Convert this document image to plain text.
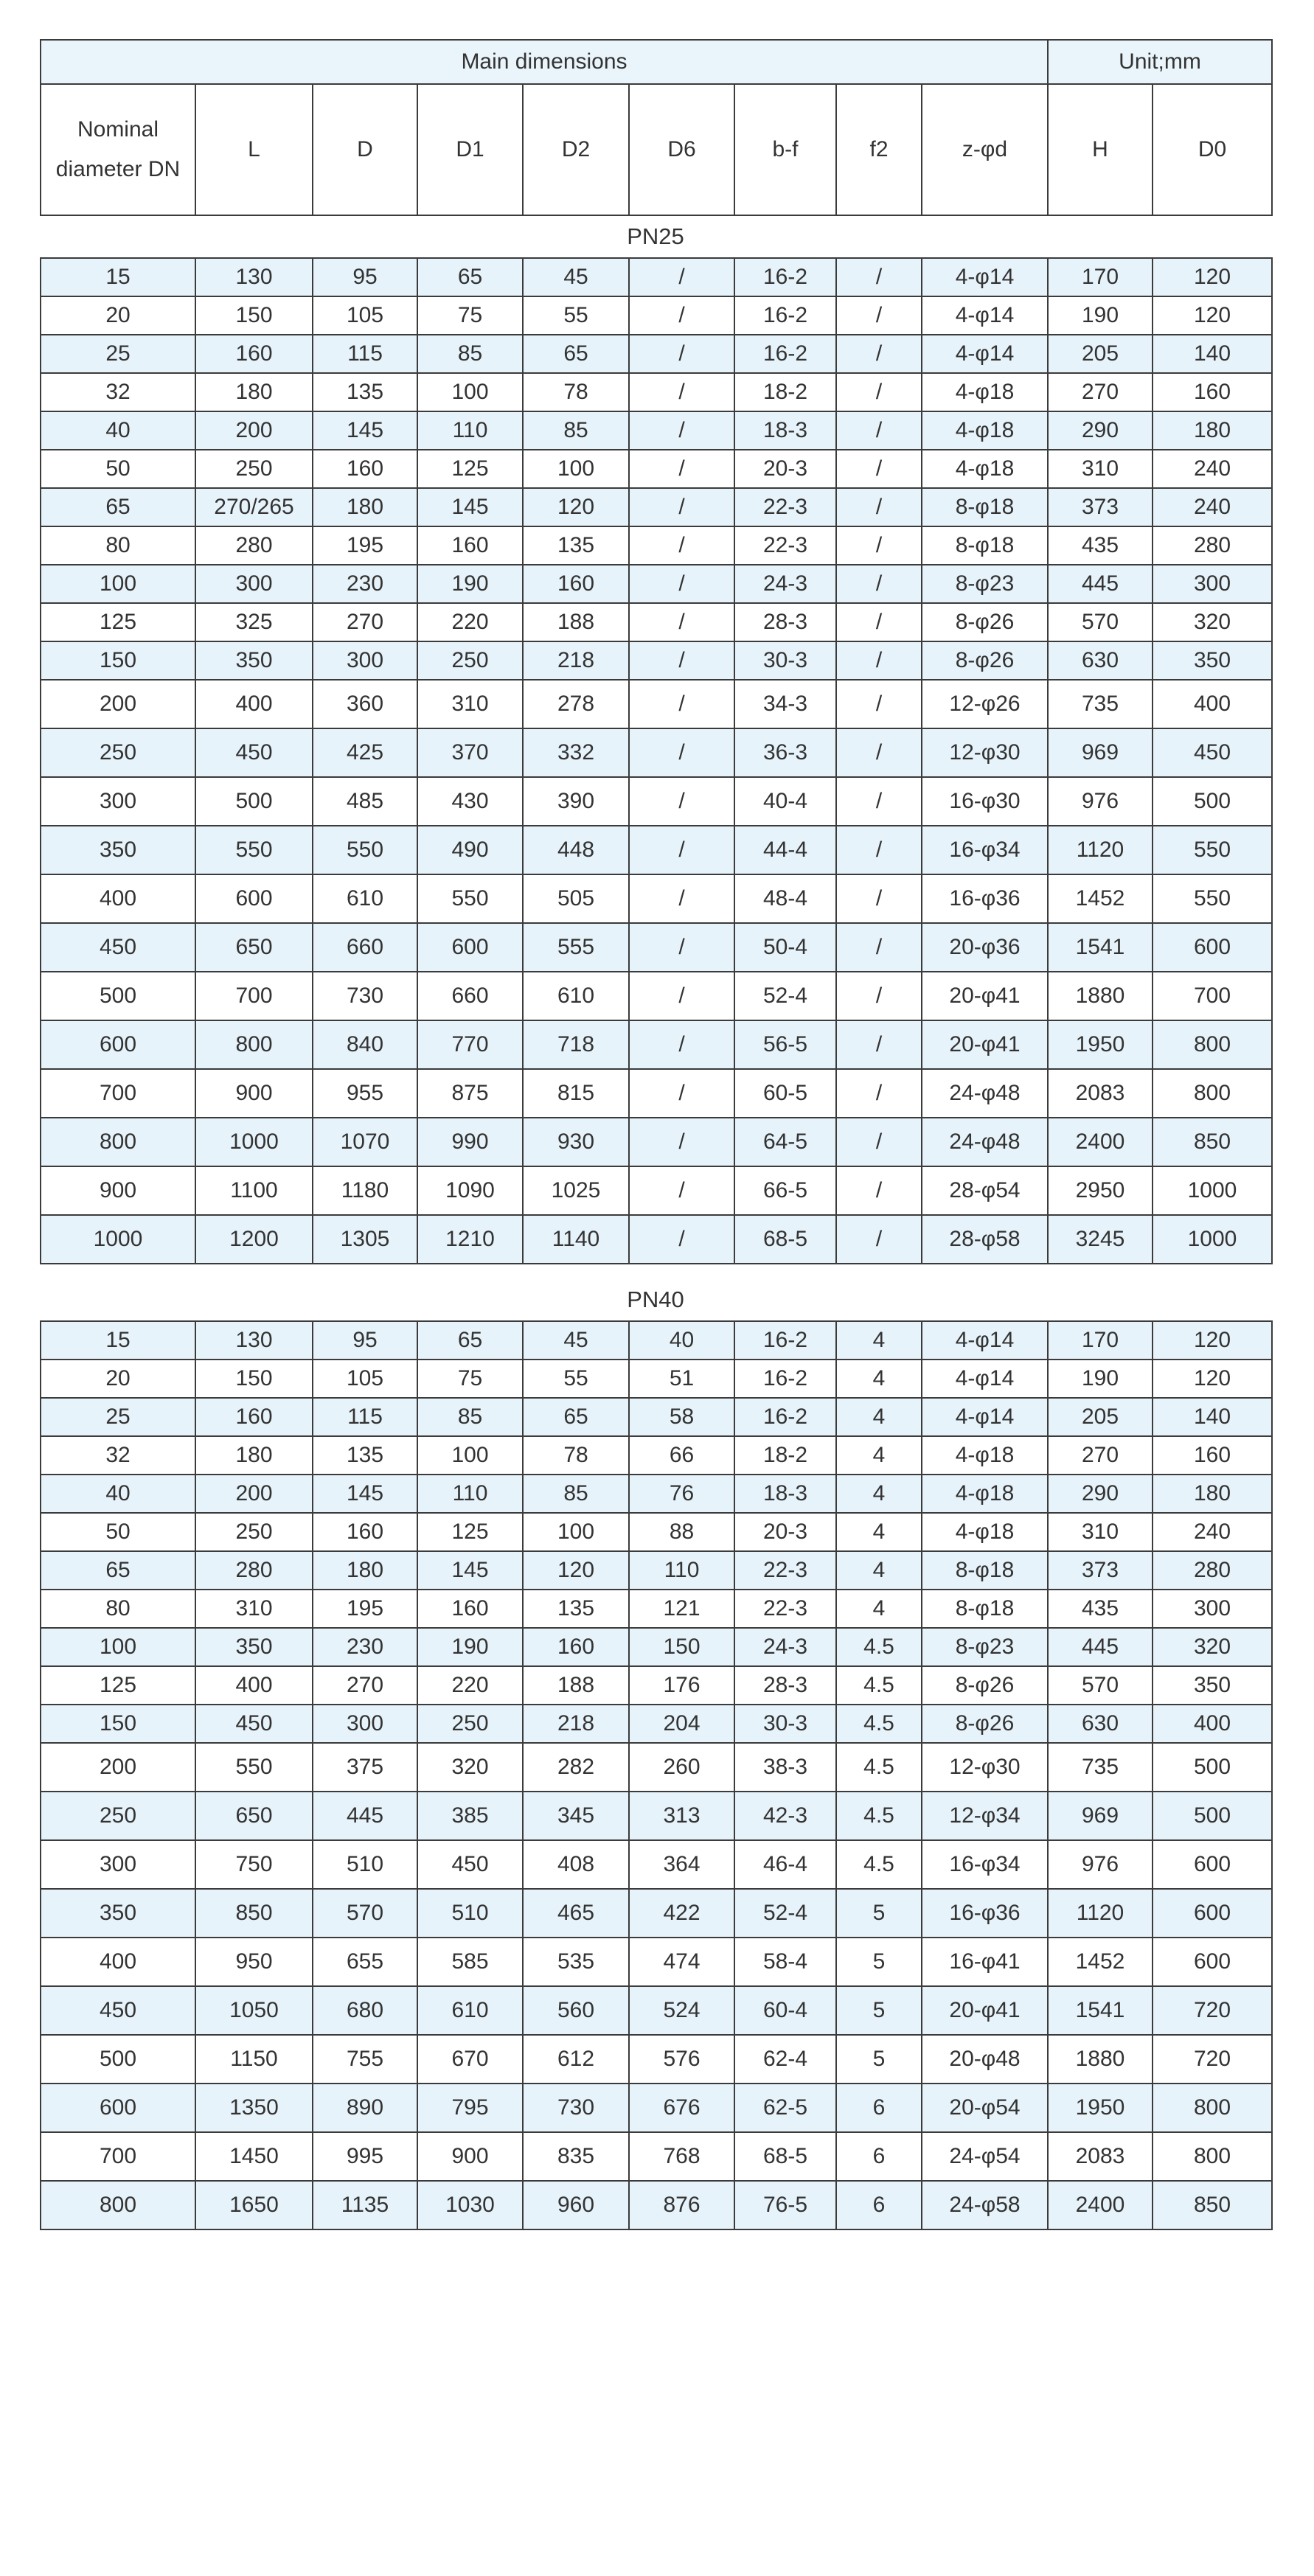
Main dimensions									Unit;mm	
Nominal diameter DN	L	D	D1	D2	D6	b-f	f2	z-φd	H	D0
PN25
15	130	95	65	45	/	16-2	/	4-φ14	170	120
20	150	105	75	55	/	16-2	/	4-φ14	190	120
25	160	115	85	65	/	16-2	/	4-φ14	205	140
32	180	135	100	78	/	18-2	/	4-φ18	270	160
40	200	145	110	85	/	18-3	/	4-φ18	290	180
50	250	160	125	100	/	20-3	/	4-φ18	310	240
65	270/265	180	145	120	/	22-3	/	8-φ18	373	240
80	280	195	160	135	/	22-3	/	8-φ18	435	280
100	300	230	190	160	/	24-3	/	8-φ23	445	300
125	325	270	220	188	/	28-3	/	8-φ26	570	320
150	350	300	250	218	/	30-3	/	8-φ26	630	350
200	400	360	310	278	/	34-3	/	12-φ26	735	400
250	450	425	370	332	/	36-3	/	12-φ30	969	450
300	500	485	430	390	/	40-4	/	16-φ30	976	500
350	550	550	490	448	/	44-4	/	16-φ34	1120	550
400	600	610	550	505	/	48-4	/	16-φ36	1452	550
450	650	660	600	555	/	50-4	/	20-φ36	1541	600
500	700	730	660	610	/	52-4	/	20-φ41	1880	700
600	800	840	770	718	/	56-5	/	20-φ41	1950	800
700	900	955	875	815	/	60-5	/	24-φ48	2083	800
800	1000	1070	990	930	/	64-5	/	24-φ48	2400	850
900	1100	1180	1090	1025	/	66-5	/	28-φ54	2950	1000
1000	1200	1305	1210	1140	/	68-5	/	28-φ58	3245	1000
PN40
15	130	95	65	45	40	16-2	4	4-φ14	170	120
20	150	105	75	55	51	16-2	4	4-φ14	190	120
25	160	115	85	65	58	16-2	4	4-φ14	205	140
32	180	135	100	78	66	18-2	4	4-φ18	270	160
40	200	145	110	85	76	18-3	4	4-φ18	290	180
50	250	160	125	100	88	20-3	4	4-φ18	310	240
65	280	180	145	120	110	22-3	4	8-φ18	373	280
80	310	195	160	135	121	22-3	4	8-φ18	435	300
100	350	230	190	160	150	24-3	4.5	8-φ23	445	320
125	400	270	220	188	176	28-3	4.5	8-φ26	570	350
150	450	300	250	218	204	30-3	4.5	8-φ26	630	400
200	550	375	320	282	260	38-3	4.5	12-φ30	735	500
250	650	445	385	345	313	42-3	4.5	12-φ34	969	500
300	750	510	450	408	364	46-4	4.5	16-φ34	976	600
350	850	570	510	465	422	52-4	5	16-φ36	1120	600
400	950	655	585	535	474	58-4	5	16-φ41	1452	600
450	1050	680	610	560	524	60-4	5	20-φ41	1541	720
500	1150	755	670	612	576	62-4	5	20-φ48	1880	720
600	1350	890	795	730	676	62-5	6	20-φ54	1950	800
700	1450	995	900	835	768	68-5	6	24-φ54	2083	800
800	1650	1135	1030	960	876	76-5	6	24-φ58	2400	850
